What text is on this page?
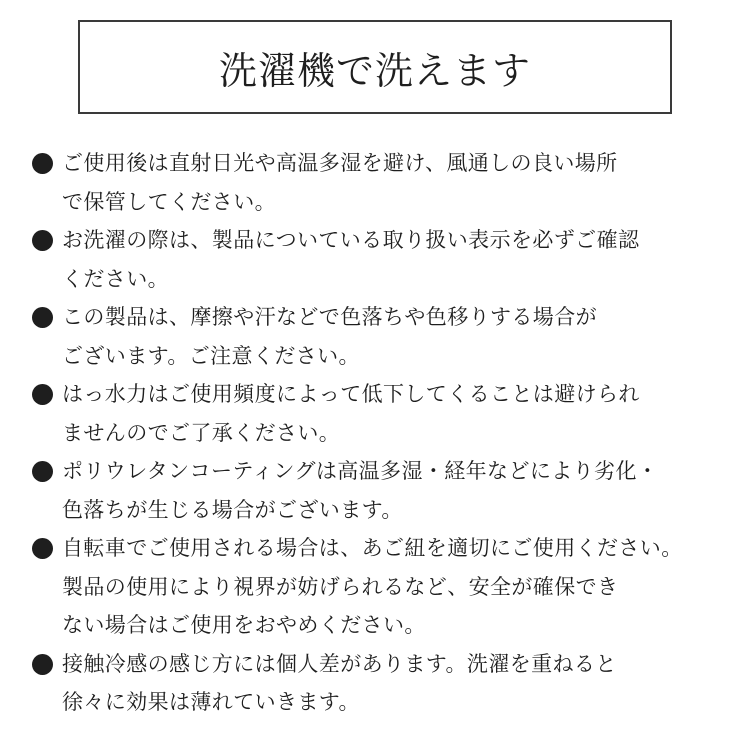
洗濯機で洗えます
ご使用後は直射日光や高温多湿を避け、風通しの良い場所
で保管してください。
お洗濯の際は、製品についている取り扱い表示を必ずご確認
ください。
この製品は、摩擦や汗などで色落ちや色移りする場合が
ございます。ご注意ください。
はっ水力はご使用頻度によって低下してくることは避けられ
ませんのでご了承ください。
ポリウレタンコーティングは高温多湿・経年などにより劣化・
色落ちが生じる場合がございます。
自転車でご使用される場合は、あご紐を適切にご使用ください。
製品の使用により視界が妨げられるなど、安全が確保でき
ない場合はご使用をおやめください。
接触冷感の感じ方には個人差があります。洗濯を重ねると
徐々に効果は薄れていきます。
